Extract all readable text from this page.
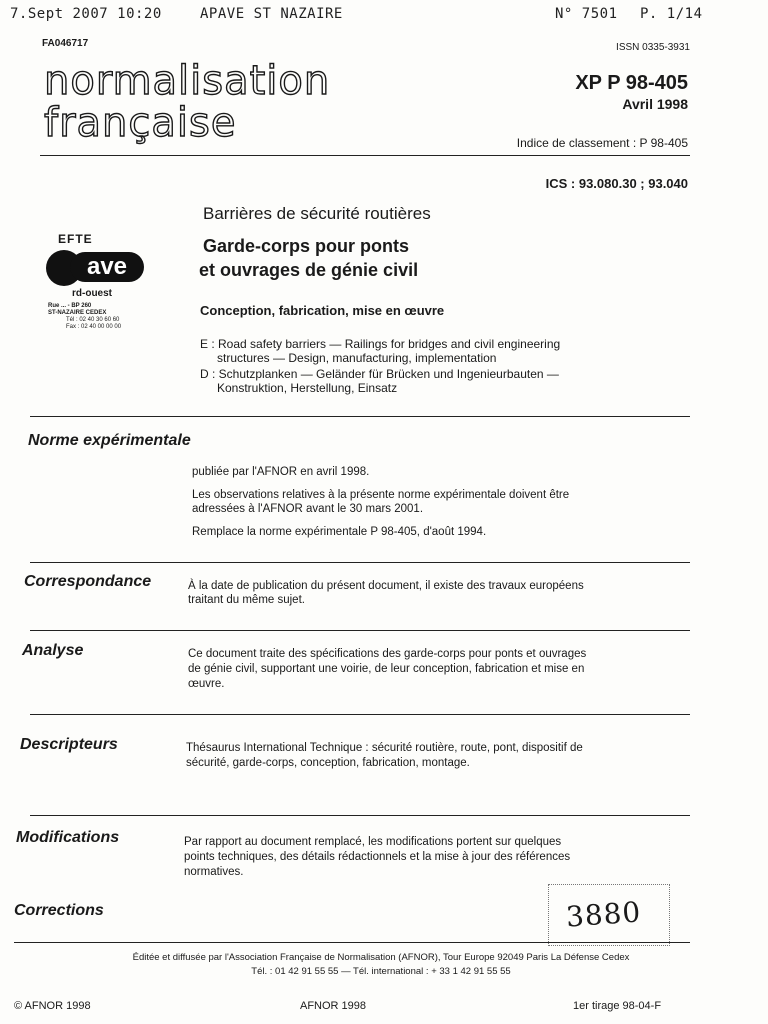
7.Sept 2007 10:20	APAVE ST NAZAIRE	N° 7501 P. 1/14
FA046717	ISSN 0335-3931
normalisation
française
XP P 98-405
Avril 1998
Indice de classement : P 98-405
ICS : 93.080.30 ; 93.040
EFTE
ave
rd-ouest
Rue ... - BP 260
ST-NAZAIRE CEDEX
Tél : 02 40 30 60 60
Fax : 02 40 00 00 00
Barrières de sécurité routières
Garde-corps pour ponts
et ouvrages de génie civil
Conception, fabrication, mise en œuvre
E : Road safety barriers — Railings for bridges and civil engineering
structures — Design, manufacturing, implementation
D : Schutzplanken — Geländer für Brücken und Ingenieurbauten —
Konstruktion, Herstellung, Einsatz
Norme expérimentale
publiée par l'AFNOR en avril 1998.
Les observations relatives à la présente norme expérimentale doivent être
adressées à l'AFNOR avant le 30 mars 2001.
Remplace la norme expérimentale P 98-405, d'août 1994.
Correspondance	À la date de publication du présent document, il existe des travaux européens
traitant du même sujet.
Analyse	Ce document traite des spécifications des garde-corps pour ponts et ouvrages
de génie civil, supportant une voirie, de leur conception, fabrication et mise en
œuvre.
Descripteurs	Thésaurus International Technique : sécurité routière, route, pont, dispositif de
sécurité, garde-corps, conception, fabrication, montage.
Modifications	Par rapport au document remplacé, les modifications portent sur quelques
points techniques, des détails rédactionnels et la mise à jour des références
normatives.
Corrections	3880
Éditée et diffusée par l'Association Française de Normalisation (AFNOR), Tour Europe 92049 Paris La Défense Cedex
Tél. : 01 42 91 55 55 — Tél. international : + 33 1 42 91 55 55
© AFNOR 1998	AFNOR 1998	1er tirage 98-04-F
